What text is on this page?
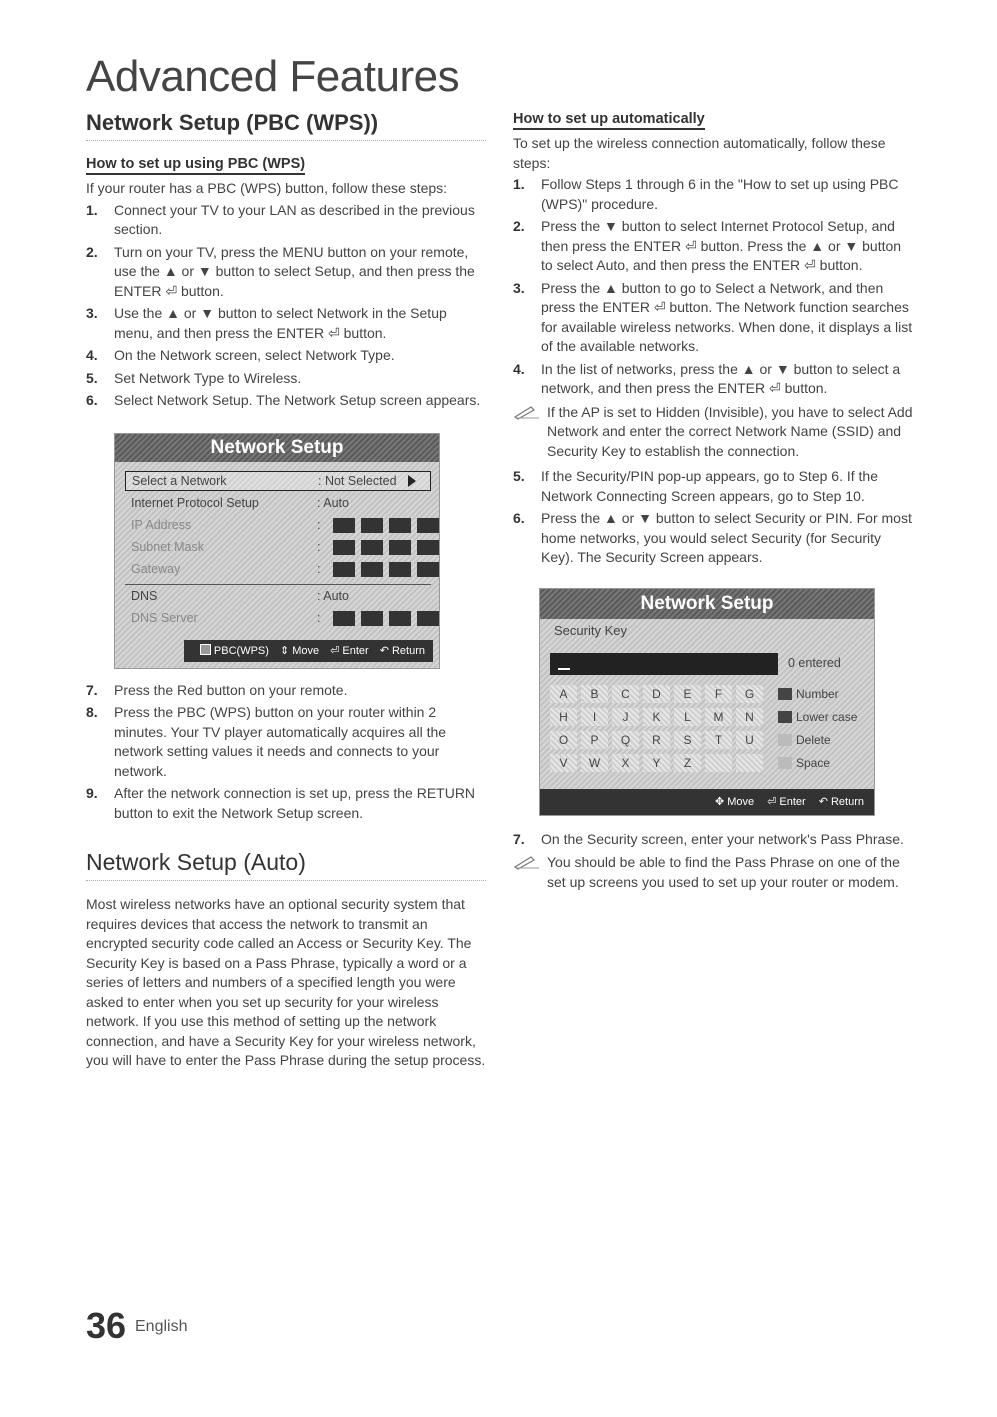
Advanced Features
Network Setup (PBC (WPS))
How to set up using PBC (WPS)
If your router has a PBC (WPS) button, follow these steps:
1. Connect your TV to your LAN as described in the previous section.
2. Turn on your TV, press the MENU button on your remote, use the ▲ or ▼ button to select Setup, and then press the ENTER ⏎ button.
3. Use the ▲ or ▼ button to select Network in the Setup menu, and then press the ENTER ⏎ button.
4. On the Network screen, select Network Type.
5. Set Network Type to Wireless.
6. Select Network Setup. The Network Setup screen appears.
Network Setup
Select a Network	: Not Selected
Internet Protocol Setup	: Auto
IP Address	:
Subnet Mask	:
Gateway	:
DNS	: Auto
DNS Server	:
PBC(WPS) ⇕ Move ⏎ Enter ↶ Return
7. Press the Red button on your remote.
8. Press the PBC (WPS) button on your router within 2 minutes. Your TV player automatically acquires all the network setting values it needs and connects to your network.
9. After the network connection is set up, press the RETURN button to exit the Network Setup screen.
Network Setup (Auto)
Most wireless networks have an optional security system that requires devices that access the network to transmit an encrypted security code called an Access or Security Key. The Security Key is based on a Pass Phrase, typically a word or a series of letters and numbers of a specified length you were asked to enter when you set up security for your wireless network. If you use this method of setting up the network connection, and have a Security Key for your wireless network, you will have to enter the Pass Phrase during the setup process.
How to set up automatically
To set up the wireless connection automatically, follow these steps:
1. Follow Steps 1 through 6 in the "How to set up using PBC (WPS)" procedure.
2. Press the ▼ button to select Internet Protocol Setup, and then press the ENTER ⏎ button. Press the ▲ or ▼ button to select Auto, and then press the ENTER ⏎ button.
3. Press the ▲ button to go to Select a Network, and then press the ENTER ⏎ button. The Network function searches for available wireless networks. When done, it displays a list of the available networks.
4. In the list of networks, press the ▲ or ▼ button to select a network, and then press the ENTER ⏎ button.
If the AP is set to Hidden (Invisible), you have to select Add Network and enter the correct Network Name (SSID) and Security Key to establish the connection.
5. If the Security/PIN pop-up appears, go to Step 6. If the Network Connecting Screen appears, go to Step 10.
6. Press the ▲ or ▼ button to select Security or PIN. For most home networks, you would select Security (for Security Key). The Security Screen appears.
Network Setup
Security Key
0 entered
A	B	C	D	E	F	G
H	I	J	K	L	M	N
O	P	Q	R	S	T	U
V	W	X	Y	Z
Number
Lower case
Delete
Space
✥ Move ⏎ Enter ↶ Return
7. On the Security screen, enter your network's Pass Phrase.
You should be able to find the Pass Phrase on one of the set up screens you used to set up your router or modem.
36 English
